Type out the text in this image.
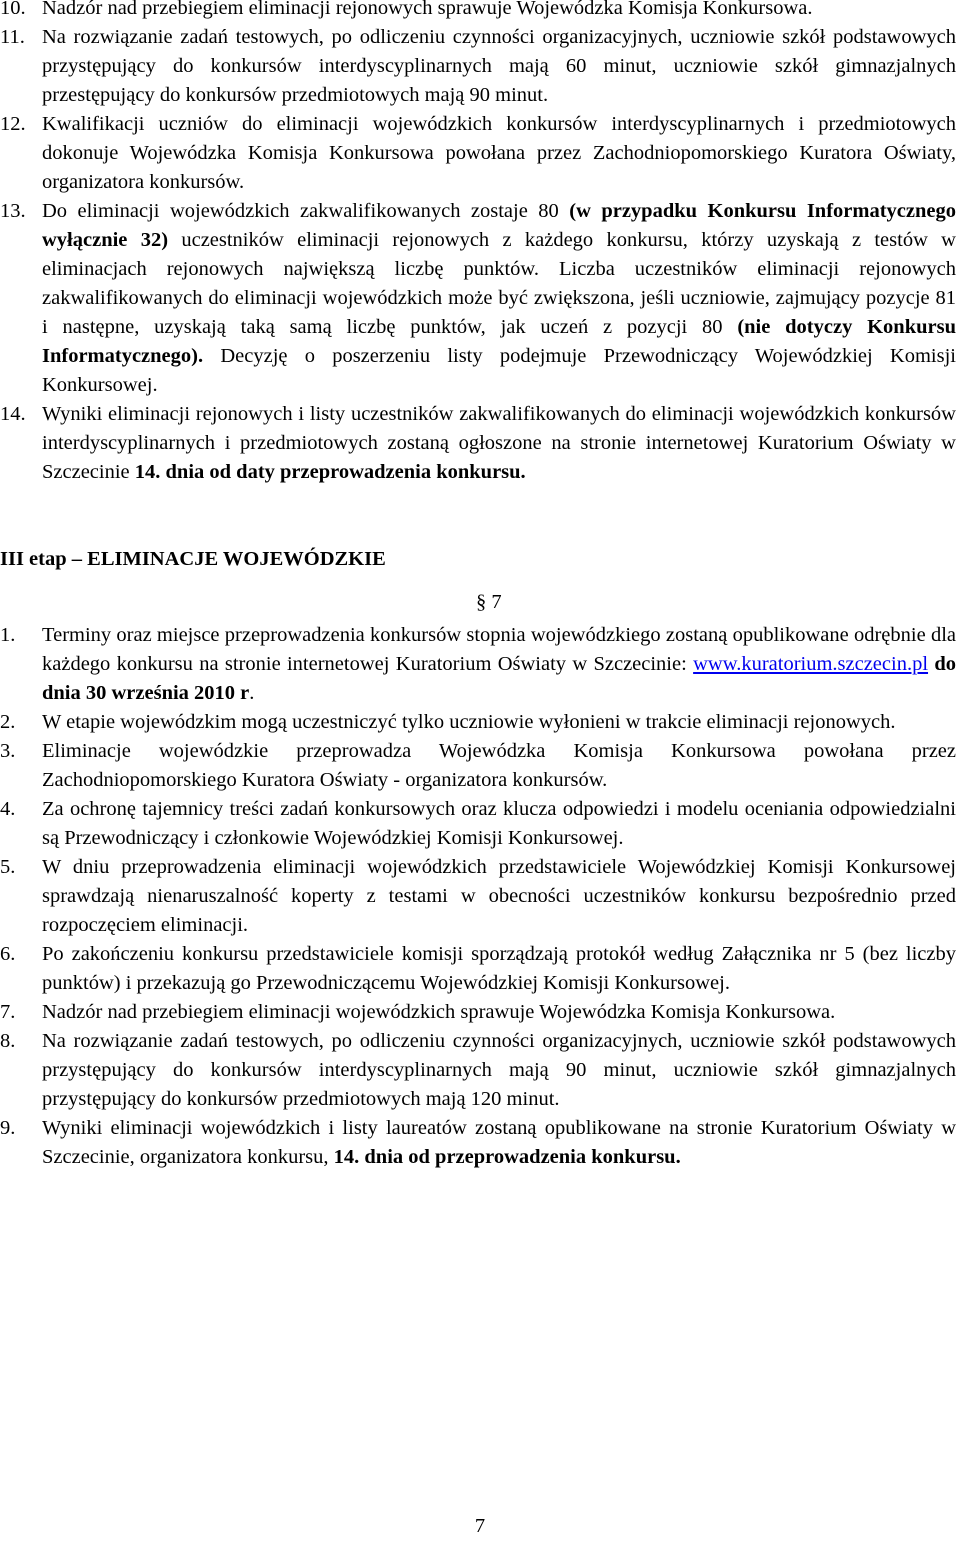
10. Nadzór nad przebiegiem eliminacji rejonowych sprawuje Wojewódzka Komisja Konkursowa.
11. Na rozwiązanie zadań testowych, po odliczeniu czynności organizacyjnych, uczniowie szkół podstawowych przystępujący do konkursów interdyscyplinarnych mają 60 minut, uczniowie szkół gimnazjalnych przestępujący do konkursów przedmiotowych mają 90 minut.
12. Kwalifikacji uczniów do eliminacji wojewódzkich konkursów interdyscyplinarnych i przedmiotowych dokonuje Wojewódzka Komisja Konkursowa powołana przez Zachodniopomorskiego Kuratora Oświaty, organizatora konkursów.
13. Do eliminacji wojewódzkich zakwalifikowanych zostaje 80 (w przypadku Konkursu Informatycznego wyłącznie 32) uczestników eliminacji rejonowych z każdego konkursu, którzy uzyskają z testów w eliminacjach rejonowych największą liczbę punktów. Liczba uczestników eliminacji rejonowych zakwalifikowanych do eliminacji wojewódzkich może być zwiększona, jeśli uczniowie, zajmujący pozycje 81 i następne, uzyskają taką samą liczbę punktów, jak uczeń z pozycji 80 (nie dotyczy Konkursu Informatycznego). Decyzję o poszerzeniu listy podejmuje Przewodniczący Wojewódzkiej Komisji Konkursowej.
14. Wyniki eliminacji rejonowych i listy uczestników zakwalifikowanych do eliminacji wojewódzkich konkursów interdyscyplinarnych i przedmiotowych zostaną ogłoszone na stronie internetowej Kuratorium Oświaty w Szczecinie 14. dnia od daty przeprowadzenia konkursu.
III etap – ELIMINACJE WOJEWÓDZKIE

§ 7

1. Terminy oraz miejsce przeprowadzenia konkursów stopnia wojewódzkiego zostaną opublikowane odrębnie dla każdego konkursu na stronie internetowej Kuratorium Oświaty w Szczecinie: www.kuratorium.szczecin.pl do dnia 30 września 2010 r.
2. W etapie wojewódzkim mogą uczestniczyć tylko uczniowie wyłonieni w trakcie eliminacji rejonowych.
3. Eliminacje wojewódzkie przeprowadza Wojewódzka Komisja Konkursowa powołana przez Zachodniopomorskiego Kuratora Oświaty - organizatora konkursów.
4. Za ochronę tajemnicy treści zadań konkursowych oraz klucza odpowiedzi i modelu oceniania odpowiedzialni są Przewodniczący i członkowie Wojewódzkiej Komisji Konkursowej.
5. W dniu przeprowadzenia eliminacji wojewódzkich przedstawiciele Wojewódzkiej Komisji Konkursowej sprawdzają nienaruszalność koperty z testami w obecności uczestników konkursu bezpośrednio przed rozpoczęciem eliminacji.
6. Po zakończeniu konkursu przedstawiciele komisji sporządzają protokół według Załącznika nr 5 (bez liczby punktów) i przekazują go Przewodniczącemu Wojewódzkiej Komisji Konkursowej.
7. Nadzór nad przebiegiem eliminacji wojewódzkich sprawuje Wojewódzka Komisja Konkursowa.
8. Na rozwiązanie zadań testowych, po odliczeniu czynności organizacyjnych, uczniowie szkół podstawowych przystępujący do konkursów interdyscyplinarnych mają 90 minut, uczniowie szkół gimnazjalnych przystępujący do konkursów przedmiotowych mają 120 minut.
9. Wyniki eliminacji wojewódzkich i listy laureatów zostaną opublikowane na stronie Kuratorium Oświaty w Szczecinie, organizatora konkursu, 14. dnia od przeprowadzenia konkursu.
7
